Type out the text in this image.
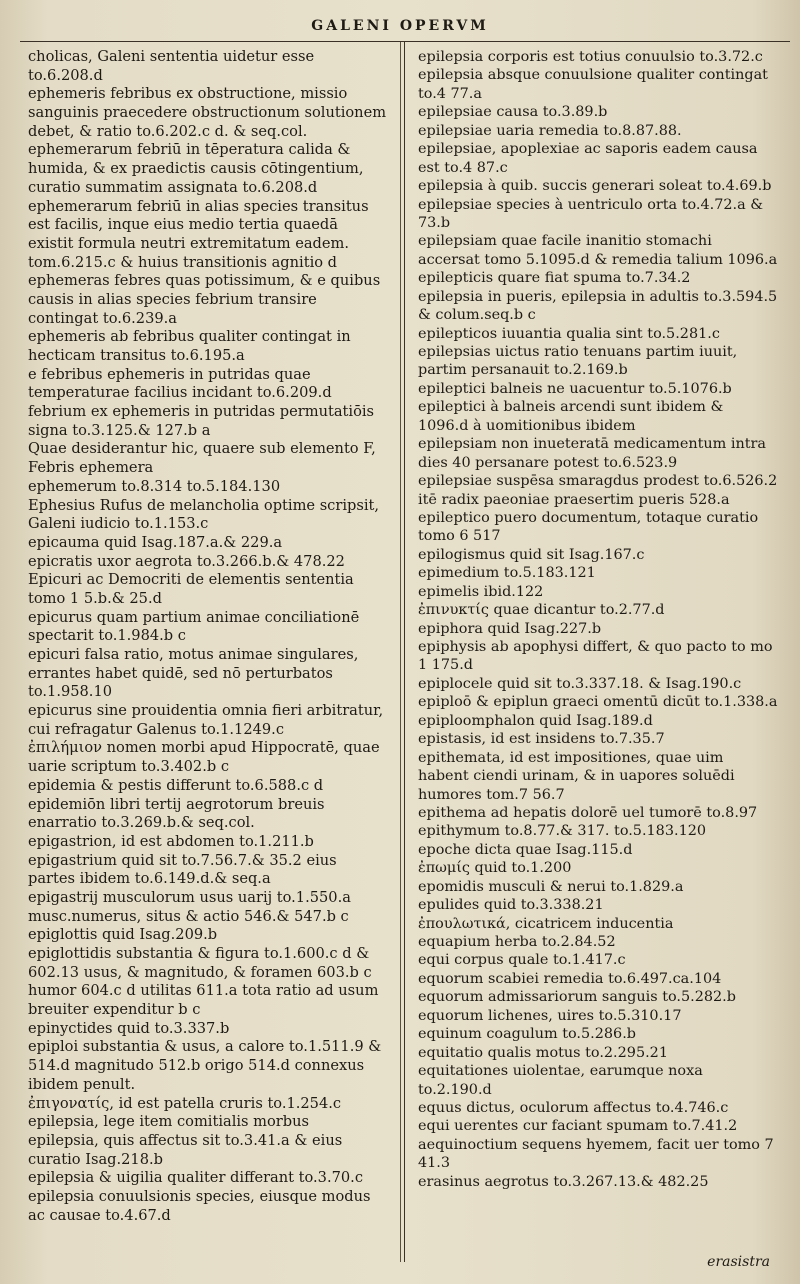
GALENI OPERVM

cholicas, Galeni sententia uidetur esse to.6.208.d

ephemeris febribus ex obstructione, missio sanguinis praecedere obstructionum solutionem debet, & ratio to.6.202.c d. & seq.col.

ephemerarum febriū in tēperatura calida & humida, & ex praedictis causis cōtingentium, curatio summatim assignata to.6.208.d

ephemerarum febriū in alias species transitus est facilis, inque eius medio tertia quaedā existit formula neutri extremitatum eadem. tom.6.215.c & huius transitionis agnitio d

ephemeras febres quas potissimum, & e quibus causis in alias species febrium transire contingat to.6.239.a

ephemeris ab febribus qualiter contingat in hecticam transitus to.6.195.a

e febribus ephemeris in putridas quae temperaturae facilius incidant to.6.209.d

febrium ex ephemeris in putridas permutatiōis signa to.3.125.& 127.b a

Quae desiderantur hic, quaere sub elemento F, Febris ephemera

ephemerum to.8.314 to.5.184.130

Ephesius Rufus de melancholia optime scripsit, Galeni iudicio to.1.153.c

epicauma quid Isag.187.a.& 229.a

epicratis uxor aegrota to.3.266.b.& 478.22

Epicuri ac Democriti de elementis sententia tomo 1 5.b.& 25.d

epicurus quam partium animae conciliationē spectarit to.1.984.b c

epicuri falsa ratio, motus animae singulares, errantes habet quidē, sed nō perturbatos to.1.958.10

epicurus sine prouidentia omnia fieri arbitratur, cui refragatur Galenus to.1.1249.c

ἐπιλήμιον nomen morbi apud Hippocratē, quae uarie scriptum to.3.402.b c

epidemia & pestis differunt to.6.588.c d

epidemiōn libri tertij aegrotorum breuis enarratio to.3.269.b.& seq.col.

epigastrion, id est abdomen to.1.211.b

epigastrium quid sit to.7.56.7.& 35.2 eius partes ibidem to.6.149.d.& seq.a

epigastrij musculorum usus uarij to.1.550.a musc.numerus, situs & actio 546.& 547.b c

epiglottis quid Isag.209.b

epiglottidis substantia & figura to.1.600.c d & 602.13 usus, & magnitudo, & foramen 603.b c humor 604.c d utilitas 611.a tota ratio ad usum breuiter expenditur b c

epinyctides quid to.3.337.b

epiploi substantia & usus, a calore to.1.511.9 & 514.d magnitudo 512.b origo 514.d connexus ibidem penult.

ἐπιγονατίς, id est patella cruris to.1.254.c

epilepsia, lege item comitialis morbus

epilepsia, quis affectus sit to.3.41.a & eius curatio Isag.218.b

epilepsia & uigilia qualiter differant to.3.70.c

epilepsia conuulsionis species, eiusque modus ac causae to.4.67.d

epilepsia corporis est totius conuulsio to.3.72.c

epilepsia absque conuulsione qualiter contingat to.4 77.a

epilepsiae causa to.3.89.b

epilepsiae uaria remedia to.8.87.88.

epilepsiae, apoplexiae ac saporis eadem causa est to.4 87.c

epilepsia à quib. succis generari soleat to.4.69.b

epilepsiae species à uentriculo orta to.4.72.a & 73.b

epilepsiam quae facile inanitio stomachi accersat tomo 5.1095.d & remedia talium 1096.a

epilepticis quare fiat spuma to.7.34.2

epilepsia in pueris, epilepsia in adultis to.3.594.5 & colum.seq.b c

epilepticos iuuantia qualia sint to.5.281.c

epilepsias uictus ratio tenuans partim iuuit, partim persanauit to.2.169.b

epileptici balneis ne uacuentur to.5.1076.b

epileptici à balneis arcendi sunt ibidem & 1096.d à uomitionibus ibidem

epilepsiam non inueteratā medicamentum intra dies 40 persanare potest to.6.523.9

epilepsiae suspēsa smaragdus prodest to.6.526.2 itē radix paeoniae praesertim pueris 528.a

epileptico puero documentum, totaque curatio tomo 6 517

epilogismus quid sit Isag.167.c

epimedium to.5.183.121

epimelis ibid.122

ἐπινυκτίς quae dicantur to.2.77.d

epiphora quid Isag.227.b

epiphysis ab apophysi differt, & quo pacto to mo 1 175.d

epiplocele quid sit to.3.337.18. & Isag.190.c

epiploō & epiplun graeci omentū dicūt to.1.338.a

epiploomphalon quid Isag.189.d

epistasis, id est insidens to.7.35.7

epithemata, id est impositiones, quae uim habent ciendi urinam, & in uapores soluēdi humores tom.7 56.7

epithema ad hepatis dolorē uel tumorē to.8.97

epithymum to.8.77.& 317. to.5.183.120

epoche dicta quae Isag.115.d

ἐπωμίς quid to.1.200

epomidis musculi & nerui to.1.829.a

epulides quid to.3.338.21

ἐπουλωτικά, cicatricem inducentia

equapium herba to.2.84.52

equi corpus quale to.1.417.c

equorum scabiei remedia to.6.497.ca.104

equorum admissariorum sanguis to.5.282.b

equorum lichenes, uires to.5.310.17

equinum coagulum to.5.286.b

equitatio qualis motus to.2.295.21

equitationes uiolentae, earumque noxa to.2.190.d

equus dictus, oculorum affectus to.4.746.c

equi uerentes cur faciant spumam to.7.41.2

aequinoctium sequens hyemem, facit uer tomo 7 41.3

erasinus aegrotus to.3.267.13.& 482.25

erasistra
